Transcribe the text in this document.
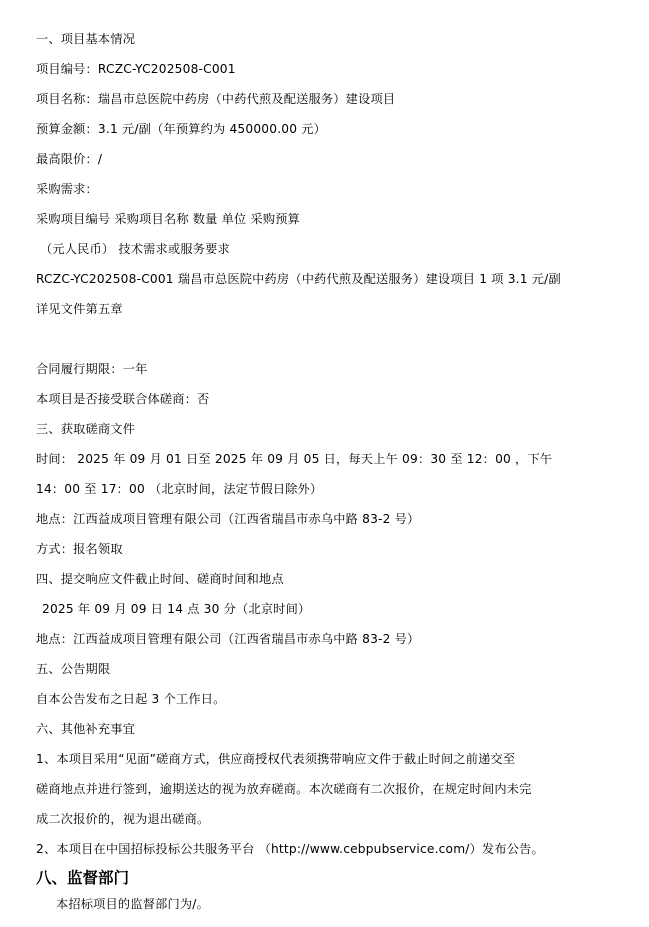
一、项目基本情况
项目编号：RCZC-YC202508-C001
项目名称：瑞昌市总医院中药房（中药代煎及配送服务）建设项目
预算金额：3.1 元/副（年预算约为 450000.00 元）
最高限价：/
采购需求：
采购项目编号 采购项目名称 数量 单位 采购预算
（元人民币） 技术需求或服务要求
RCZC-YC202508-C001 瑞昌市总医院中药房（中药代煎及配送服务）建设项目 1 项 3.1 元/副
详见文件第五章
合同履行期限：一年
本项目是否接受联合体磋商：否
三、获取磋商文件
时间： 2025 年 09 月 01 日至 2025 年 09 月 05 日，每天上午 09：30 至 12：00 ，下午
14：00 至 17：00 （北京时间，法定节假日除外）
地点：江西益成项目管理有限公司（江西省瑞昌市赤乌中路 83-2 号）
方式：报名领取
四、提交响应文件截止时间、磋商时间和地点
2025 年 09 月 09 日 14 点 30 分（北京时间）
地点：江西益成项目管理有限公司（江西省瑞昌市赤乌中路 83-2 号）
五、公告期限
自本公告发布之日起 3 个工作日。
六、其他补充事宜
1、本项目采用“见面”磋商方式，供应商授权代表须携带响应文件于截止时间之前递交至
磋商地点并进行签到，逾期送达的视为放弃磋商。本次磋商有二次报价，在规定时间内未完
成二次报价的，视为退出磋商。
2、本项目在中国招标投标公共服务平台 （http://www.cebpubservice.com/）发布公告。
八、监督部门
本招标项目的监督部门为/。
